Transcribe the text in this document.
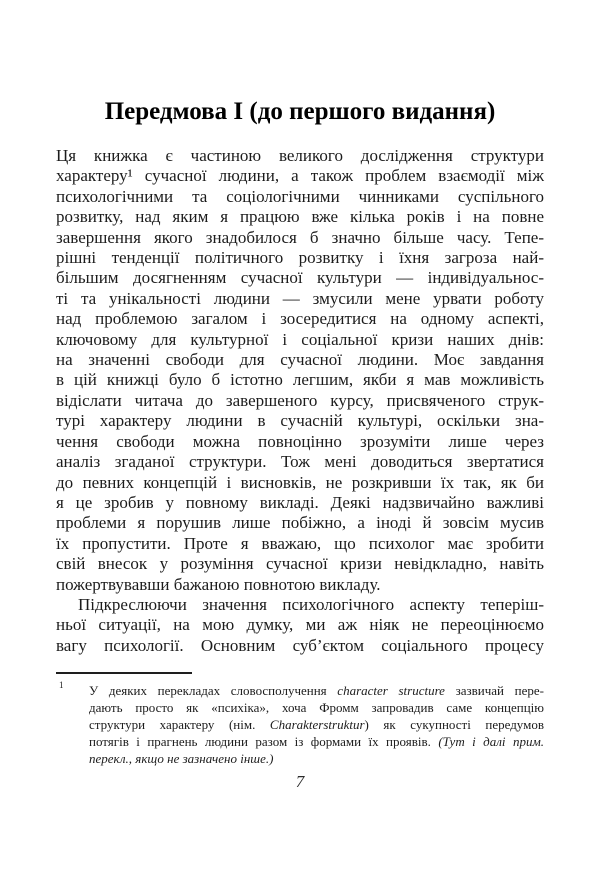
Передмова I (до першого видання)
Ця книжка є частиною великого дослідження структури
характеру¹ сучасної людини, а також проблем взаємодії між
психологічними та соціологічними чинниками суспільного
розвитку, над яким я працюю вже кілька років і на повне
завершення якого знадобилося б значно більше часу. Тепе-
рішні тенденції політичного розвитку і їхня загроза най-
більшим досягненням сучасної культури — індивідуальнос-
ті та унікальності людини — змусили мене урвати роботу
над проблемою загалом і зосередитися на одному аспекті,
ключовому для культурної і соціальної кризи наших днів:
на значенні свободи для сучасної людини. Моє завдання
в цій книжці було б істотно легшим, якби я мав можливість
відіслати читача до завершеного курсу, присвяченого струк-
турі характеру людини в сучасній культурі, оскільки зна-
чення свободи можна повноцінно зрозуміти лише через
аналіз згаданої структури. Тож мені доводиться звертатися
до певних концепцій і висновків, не розкривши їх так, як би
я це зробив у повному викладі. Деякі надзвичайно важливі
проблеми я порушив лише побіжно, а іноді й зовсім мусив
їх пропустити. Проте я вважаю, що психолог має зробити
свій внесок у розуміння сучасної кризи невідкладно, навіть
пожертвувавши бажаною повнотою викладу.
Підкреслюючи значення психологічного аспекту теперіш-
ньої ситуації, на мою думку, ми аж ніяк не переоцінюємо
вагу психології. Основним суб’єктом соціального процесу
1 У деяких перекладах словосполучення character structure зазвичай пере-
дають просто як «психіка», хоча Фромм запровадив саме концепцію
структури характеру (нім. Charakterstruktur) як сукупності передумов
потягів і прагнень людини разом із формами їх проявів. (Тут і далі прим.
перекл., якщо не зазначено інше.)
7
